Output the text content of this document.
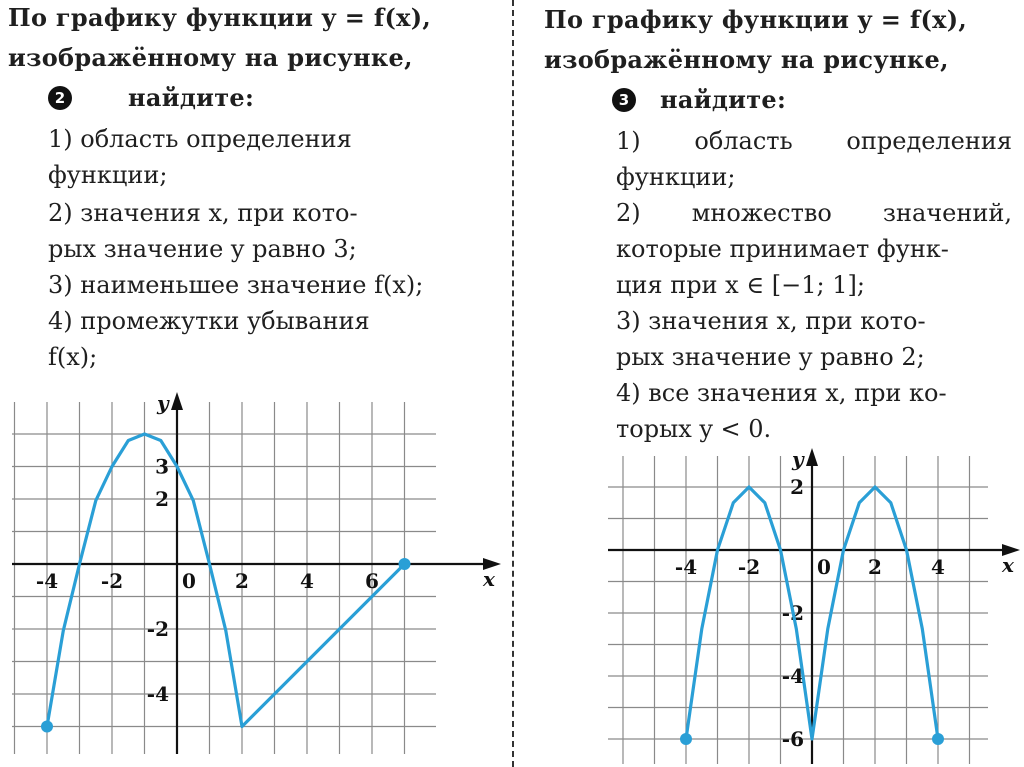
По графику функции y = f(x),
изображённому на рисунке,
2	найдите:
1) область определения
функции;
2) значения x, при кото-
рых значение y равно 3;
3) наименьшее значение f(x);
4) промежутки убывания
f(x);
x
y
-4 -2	0 2	4	6
3
2
-2
-4
По графику функции y = f(x),
изображённому на рисунке,
3 найдите:
1) область определения
функции;
2) множество значений,
которые принимает функ-
ция при x ∈ [−1; 1];
3) значения x, при кото-
рых значение y равно 2;
4) все значения x, при ко-
торых y < 0.
x
y
-4 -2	0 2 4
2
-2
-4
-6
